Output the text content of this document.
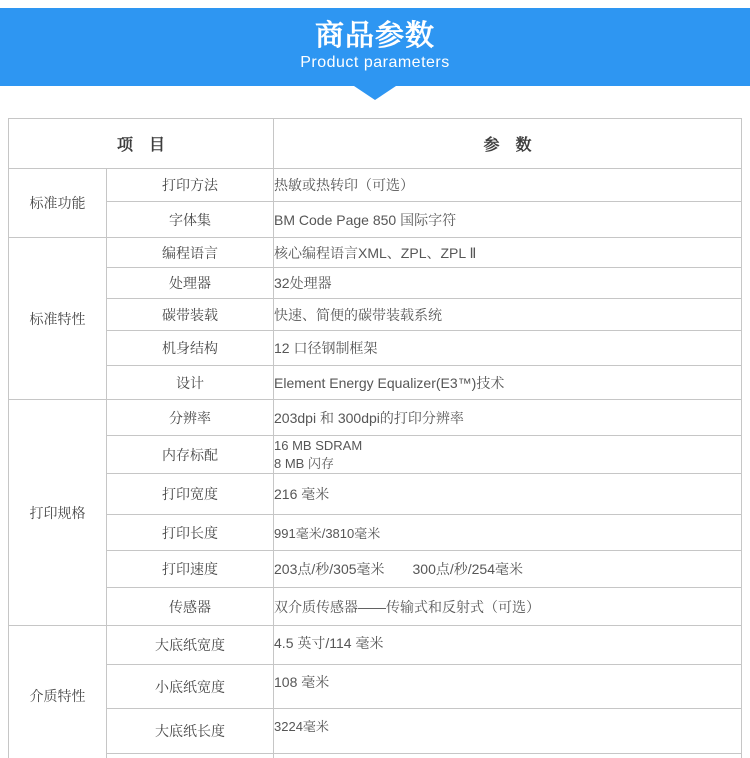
商品参数
Product parameters
项　目		参　数
标准功能	打印方法	热敏或热转印（可选）
	字体集	BM Code Page 850 国际字符
标准特性	编程语言	核心编程语言XML、ZPL、ZPL Ⅱ
	处理器	32处理器
	碳带装载	快速、简便的碳带装载系统
	机身结构	12 口径钢制框架
	设计	Element Energy Equalizer(E3™)技术
打印规格	分辨率	203dpi 和 300dpi的打印分辨率
	内存标配	16 MB SDRAM
8 MB 闪存

	打印宽度	216 毫米
	打印长度	991毫米/3810毫米
	打印速度	203点/秒/305毫米　　300点/秒/254毫米
	传感器	双介质传感器——传输式和反射式（可选）
介质特性	大底纸宽度	4.5 英寸/114 毫米
	小底纸宽度	108 毫米
	大底纸长度	3224毫米
